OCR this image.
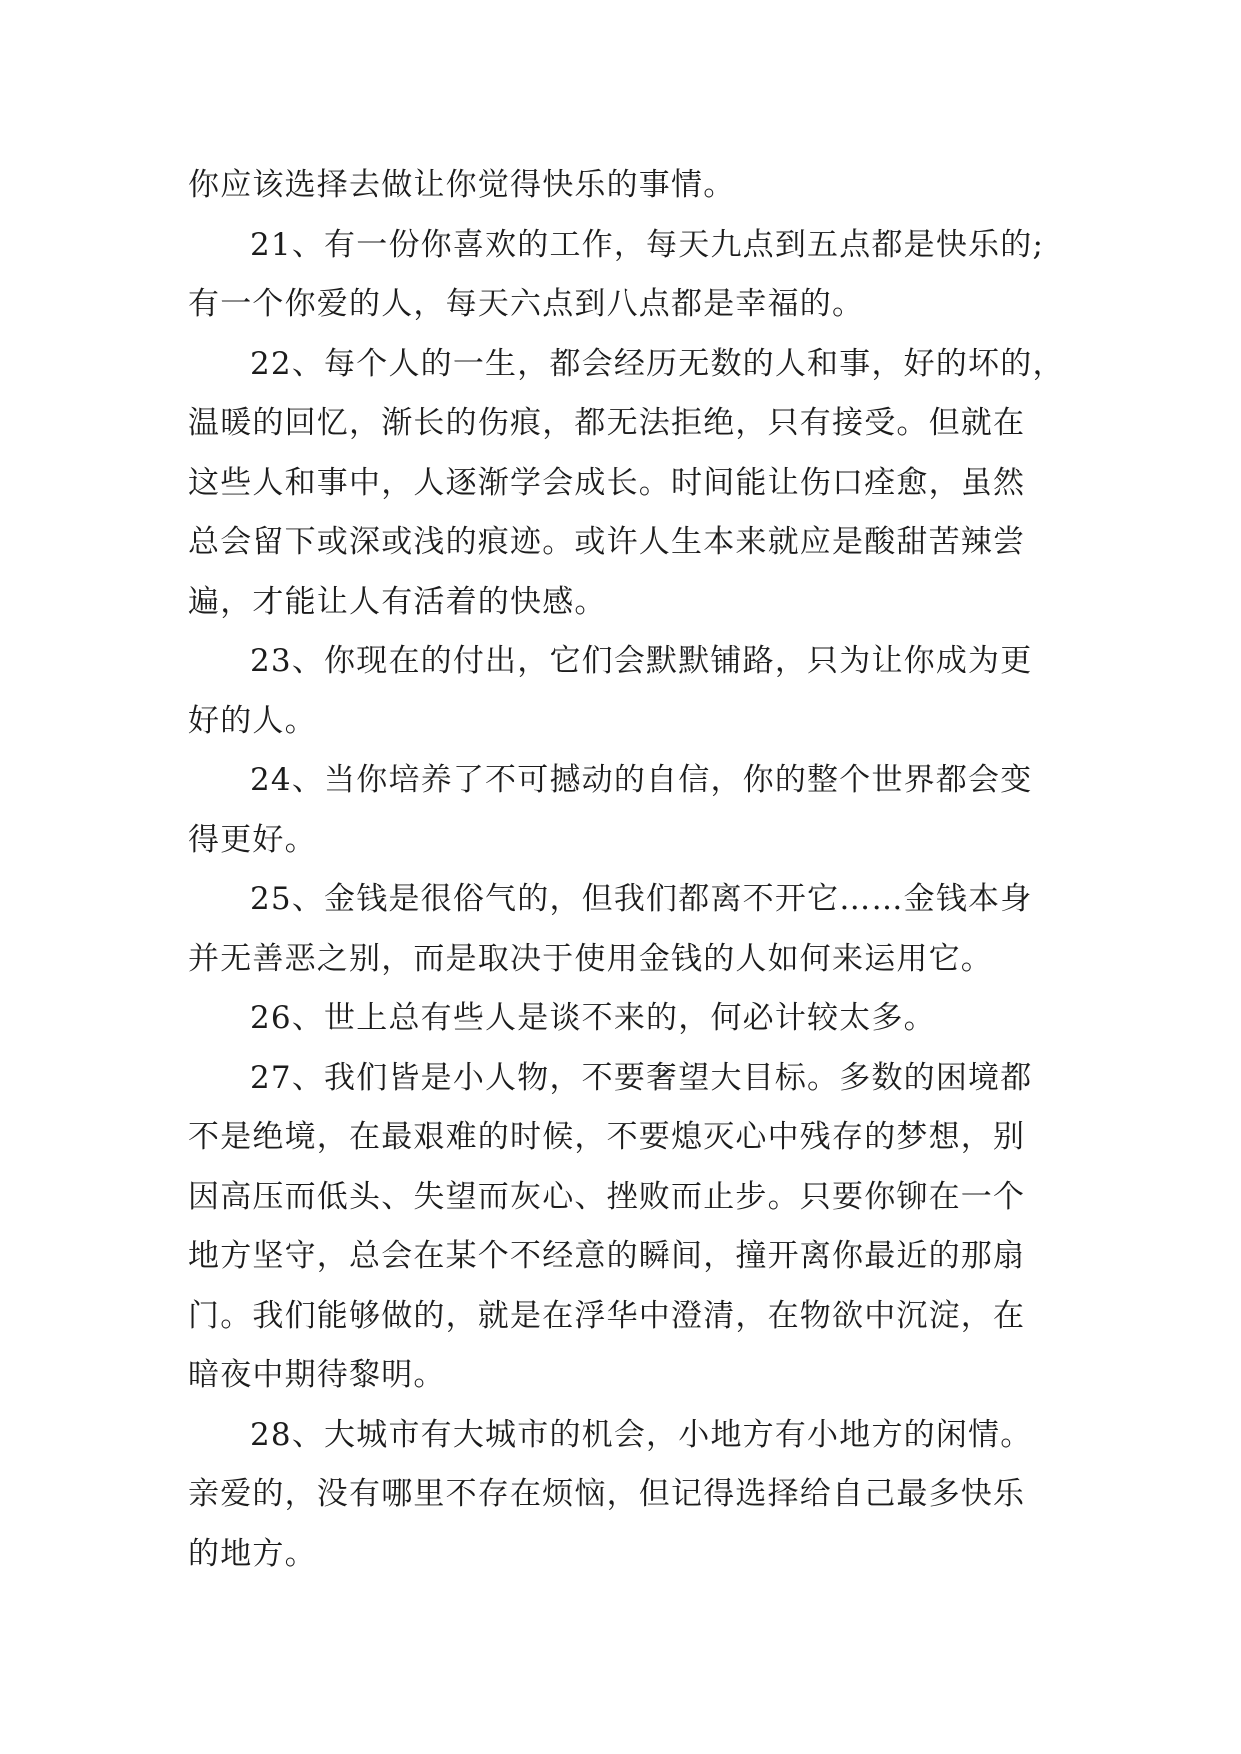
你应该选择去做让你觉得快乐的事情。
21、有一份你喜欢的工作，每天九点到五点都是快乐的;
有一个你爱的人，每天六点到八点都是幸福的。
22、每个人的一生，都会经历无数的人和事，好的坏的，
温暖的回忆，渐长的伤痕，都无法拒绝，只有接受。但就在
这些人和事中，人逐渐学会成长。时间能让伤口痊愈，虽然
总会留下或深或浅的痕迹。或许人生本来就应是酸甜苦辣尝
遍，才能让人有活着的快感。
23、你现在的付出，它们会默默铺路，只为让你成为更
好的人。
24、当你培养了不可撼动的自信，你的整个世界都会变
得更好。
25、金钱是很俗气的，但我们都离不开它……金钱本身
并无善恶之别，而是取决于使用金钱的人如何来运用它。
26、世上总有些人是谈不来的，何必计较太多。
27、我们皆是小人物，不要奢望大目标。多数的困境都
不是绝境，在最艰难的时候，不要熄灭心中残存的梦想，别
因高压而低头、失望而灰心、挫败而止步。只要你铆在一个
地方坚守，总会在某个不经意的瞬间，撞开离你最近的那扇
门。我们能够做的，就是在浮华中澄清，在物欲中沉淀，在
暗夜中期待黎明。
28、大城市有大城市的机会，小地方有小地方的闲情。
亲爱的，没有哪里不存在烦恼，但记得选择给自己最多快乐
的地方。
